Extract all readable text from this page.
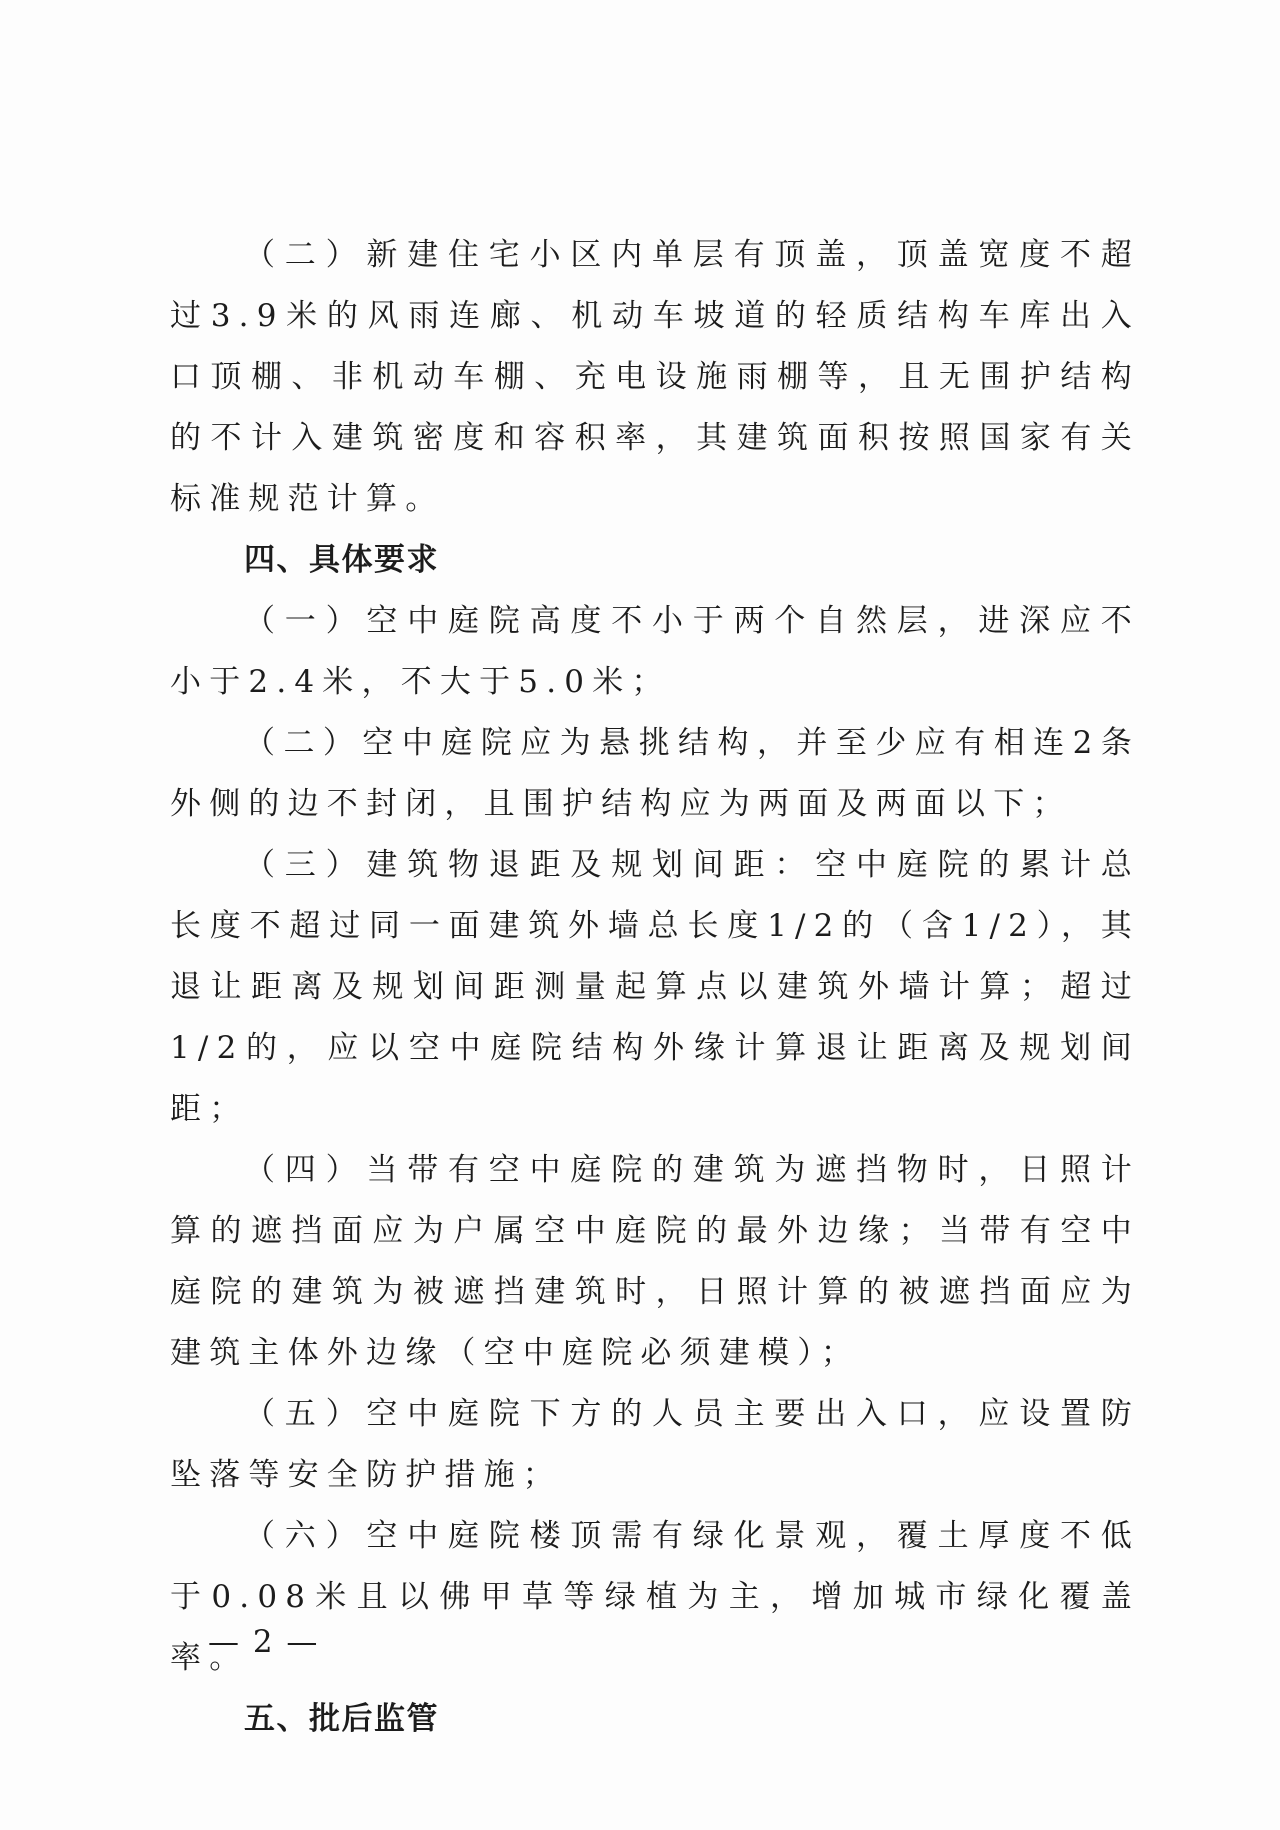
（二）新建住宅小区内单层有顶盖，顶盖宽度不超过3.9米的风雨连廊、机动车坡道的轻质结构车库出入口顶棚、非机动车棚、充电设施雨棚等，且无围护结构的不计入建筑密度和容积率，其建筑面积按照国家有关标准规范计算。

四、具体要求

（一）空中庭院高度不小于两个自然层，进深应不小于2.4米，不大于5.0米；

（二）空中庭院应为悬挑结构，并至少应有相连2条外侧的边不封闭，且围护结构应为两面及两面以下；

（三）建筑物退距及规划间距：空中庭院的累计总长度不超过同一面建筑外墙总长度1/2的（含1/2），其退让距离及规划间距测量起算点以建筑外墙计算；超过1/2的，应以空中庭院结构外缘计算退让距离及规划间距；

（四）当带有空中庭院的建筑为遮挡物时，日照计算的遮挡面应为户属空中庭院的最外边缘；当带有空中庭院的建筑为被遮挡建筑时，日照计算的被遮挡面应为建筑主体外边缘（空中庭院必须建模）；

（五）空中庭院下方的人员主要出入口，应设置防坠落等安全防护措施；

（六）空中庭院楼顶需有绿化景观，覆土厚度不低于0.08米且以佛甲草等绿植为主，增加城市绿化覆盖率。

五、批后监管

— 2 —
